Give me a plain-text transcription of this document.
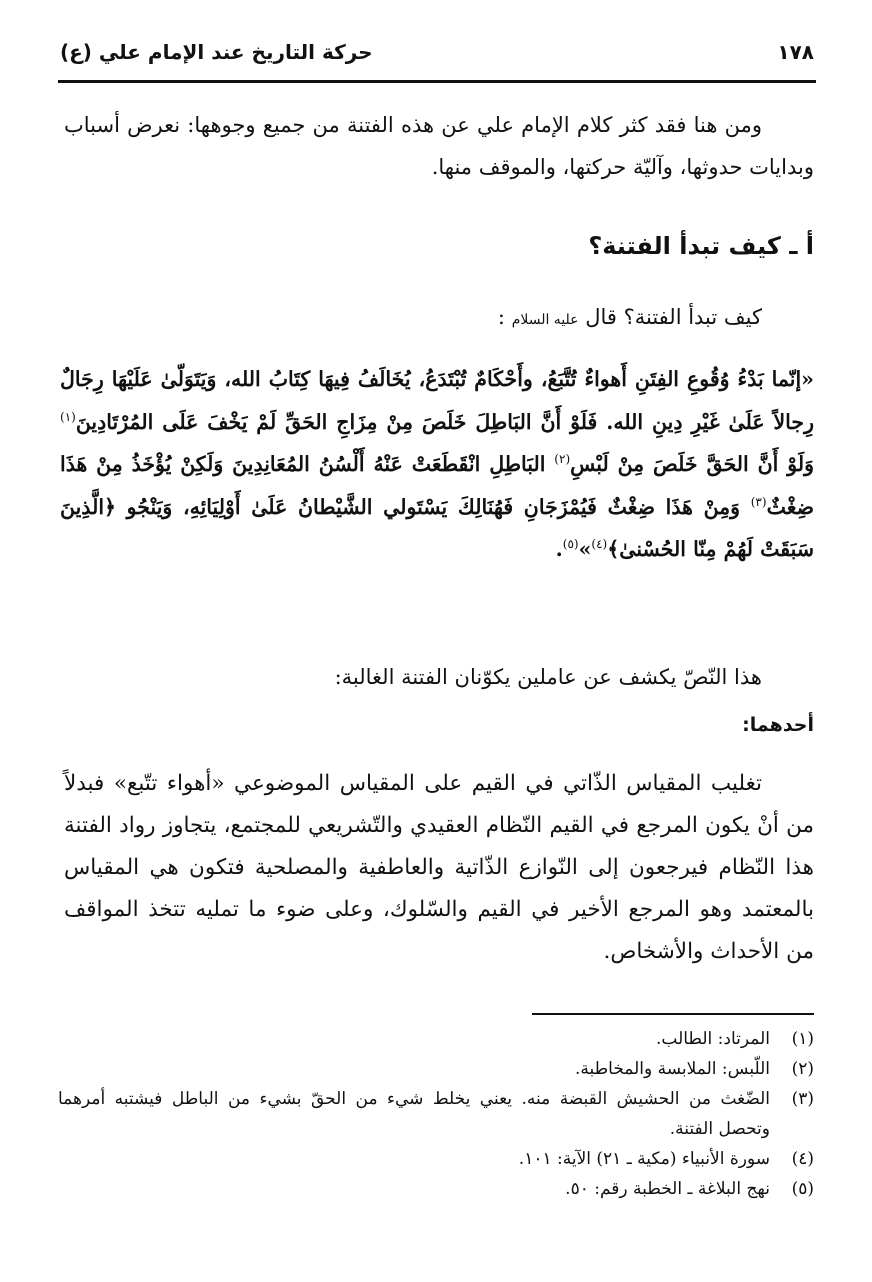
١٧٨
حركة التاريخ عند الإمام علي (ع)

ومن هنا فقد كثر كلام الإمام علي عن هذه الفتنة من جميع وجوهها: نعرض أسباب وبدايات حدوثها، وآليّة حركتها، والموقف منها.

أ ـ كيف تبدأ الفتنة؟

كيف تبدأ الفتنة؟ قال عليه السلام :

«إنّما بَدْءُ وُقُوعِ الفِتَنِ أَهواءٌ تُتَّبَعُ، وأَحْكَامٌ تُبْتَدَعُ، يُخَالَفُ فِيهَا كِتَابُ الله، وَيَتَوَلّىٰ عَلَيْهَا رِجَالٌ رِجالاً عَلَىٰ غَيْرِ دِينِ الله. فَلَوْ أَنَّ البَاطِلَ خَلَصَ مِنْ مِزَاجِ الحَقِّ لَمْ يَخْفَ عَلَى المُرْتَادِينَ$^{(١)}$ وَلَوْ أَنَّ الحَقَّ خَلَصَ مِنْ لَبْسِ$^{(٢)}$ البَاطِلِ انْقَطَعَتْ عَنْهُ أَلْسُنُ المُعَانِدِينَ وَلَكِنْ يُؤْخَذُ مِنْ هَذَا ضِغْثٌ$^{(٣)}$ وَمِنْ هَذَا ضِغْثٌ فَيُمْزَجَانِ فَهُنَالِكَ يَسْتَولي الشَّيْطانُ عَلَىٰ أَوْلِيَائِهِ، وَيَنْجُو ﴿الَّذِينَ سَبَقَتْ لَهُمْ مِنّا الحُسْنىٰ﴾$^{(٤)}$»$^{(٥)}$.

هذا النّصّ يكشف عن عاملين يكوّنان الفتنة الغالبة:

أحدهما:

تغليب المقياس الذّاتي في القيم على المقياس الموضوعي «أهواء تتّبع» فبدلاً من أنْ يكون المرجع في القيم النّظام العقيدي والتّشريعي للمجتمع، يتجاوز رواد الفتنة هذا النّظام فيرجعون إلى النّوازع الذّاتية والعاطفية والمصلحية فتكون هي المقياس بالمعتمد وهو المرجع الأخير في القيم والسّلوك، وعلى ضوء ما تمليه تتخذ المواقف من الأحداث والأشخاص.

(١)
المرتاد: الطالب.
(٢)
اللّبس: الملابسة والمخاطبة.
(٣)
الضّغث من الحشيش القبضة منه. يعني يخلط شيء من الحقّ بشيء من الباطل فيشتبه أمرهما وتحصل الفتنة.
(٤)
سورة الأنبياء (مكية ـ ٢١) الآية: ١٠١.
(٥)
نهج البلاغة ـ الخطبة رقم: ٥٠.
